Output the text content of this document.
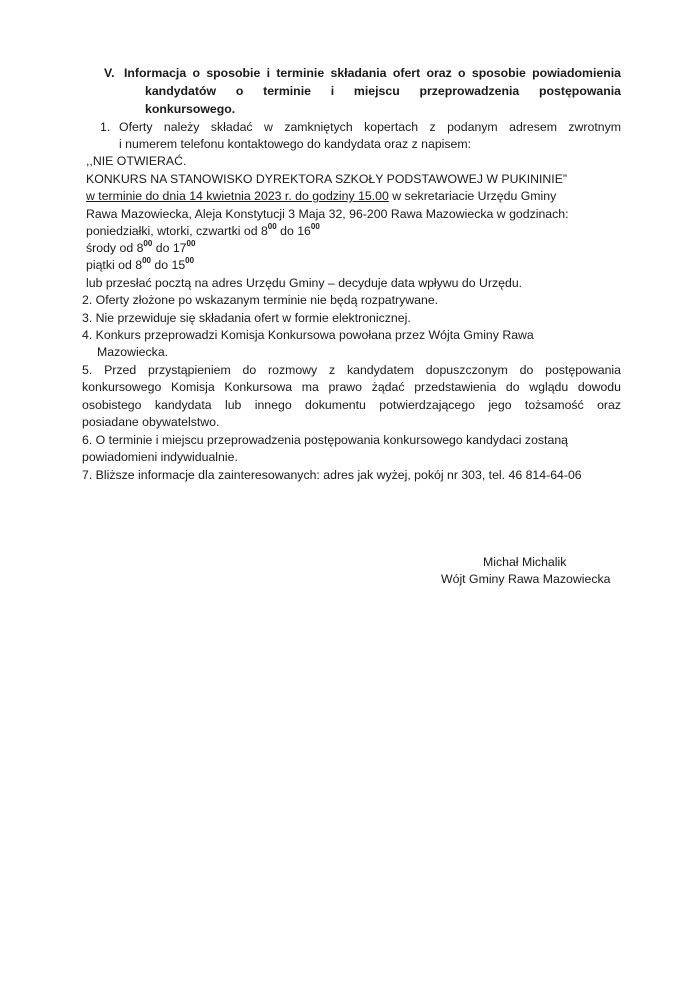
V. Informacja o sposobie i terminie składania ofert oraz o sposobie powiadomienia
kandydatów o terminie i miejscu przeprowadzenia postępowania
konkursowego.
1. Oferty należy składać w zamkniętych kopertach z podanym adresem zwrotnym
i numerem telefonu kontaktowego do kandydata oraz z napisem:
,,NIE OTWIERAĆ.
KONKURS NA STANOWISKO DYREKTORA SZKOŁY PODSTAWOWEJ W PUKININIE”
w terminie do dnia 14 kwietnia 2023 r. do godziny 15.00 w sekretariacie Urzędu Gminy
Rawa Mazowiecka, Aleja Konstytucji 3 Maja 32, 96-200 Rawa Mazowiecka w godzinach:
poniedziałki, wtorki, czwartki od $8^{00}$ do $16^{00}$
środy od $8^{00}$ do $17^{00}$
piątki od $8^{00}$ do $15^{00}$
lub przesłać pocztą na adres Urzędu Gminy – decyduje data wpływu do Urzędu.
2. Oferty złożone po wskazanym terminie nie będą rozpatrywane.
3. Nie przewiduje się składania ofert w formie elektronicznej.
4. Konkurs przeprowadzi Komisja Konkursowa powołana przez Wójta Gminy Rawa
Mazowiecka.
5. Przed przystąpieniem do rozmowy z kandydatem dopuszczonym do postępowania
konkursowego Komisja Konkursowa ma prawo żądać przedstawienia do wglądu dowodu
osobistego kandydata lub innego dokumentu potwierdzającego jego tożsamość oraz
posiadane obywatelstwo.
6. O terminie i miejscu przeprowadzenia postępowania konkursowego kandydaci zostaną
powiadomieni indywidualnie.
7. Bliższe informacje dla zainteresowanych: adres jak wyżej, pokój nr 303, tel. 46 814-64-06
Michał Michalik
Wójt Gminy Rawa Mazowiecka
